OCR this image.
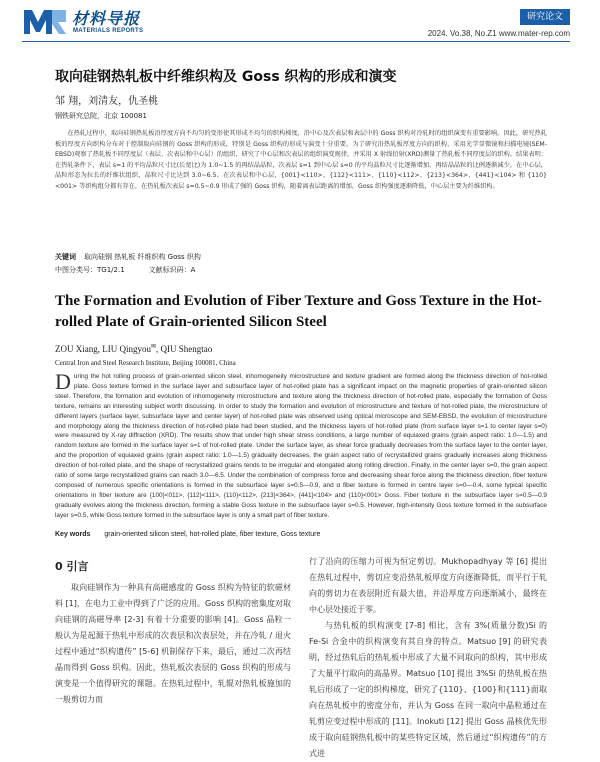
材料导报
MATERIALS REPORTS
研究论文
2024. Vo.38, No.Z1 www.mater-rep.com
取向硅钢热轧板中纤维织构及 Goss 织构的形成和演变
邹 翔，刘清友，仇圣桃
钢铁研究总院，北京 100081
在热轧过程中，取向硅钢热轧板沿厚度方向不均匀的变形使其形成不均匀的织构梯度，沿中心及次表层和表层中的 Goss 织构对冷轧时的组织演变有重要影响。因此，研究热轧板的厚度方向织构分布对于控制取向硅钢的 Goss 织构的形成，特别是 Goss 织构的形成与演变十分重要。为了研究沿热轧板厚度方向的织构，采用光学显微镜和扫描电镜(SEM-EBSD)观察了热轧板不同厚度层（表层、次表层和中心层）的组织，研究了中心层和次表层的组织演变规律，并采用 X 射线衍射(XRD)测量了热轧板不同厚度层的织构。结果表明：在热轧条件下，表层 s=1 的平均晶粒尺寸比(长宽比)为 1.0~1.5 的再结晶晶粒，次表层 s=1 到中心层 s=0 的平均晶粒尺寸比逐渐增加，再结晶晶粒的比例逐渐减少。在中心层，晶粒形态为拉长的纤维状组织，晶粒尺寸比达到 3.0~6.5。在次表层和中心层，{001}<110>、{112}<111>、{110}<112>、{213}<364>、{441}<104> 和 {110}<001> 等织构组分都有存在，在热轧板次表层 s=0.5~0.9 形成了强的 Goss 织构，随着离表层距离的增加，Goss 织构强度逐渐降低，中心层主要为纤维织构。
关键词 取向硅钢 热轧板 纤维织构 Goss 织构
中图分类号：TG1/2.1	文献标识码：A
The Formation and Evolution of Fiber Texture and Goss Texture in the Hot-rolled Plate of Grain-oriented Silicon Steel
ZOU Xiang, LIU Qingyou✉, QIU Shengtao
Central Iron and Steel Research Institute, Beijing 100081, China
During the hot rolling process of grain-oriented silicon steel, inhomogeneity microstructure and texture gradient are formed along the thickness direction of hot-rolled plate. Goss texture formed in the surface layer and subsurface layer of hot-rolled plate has a significant impact on the magnetic properties of grain-oriented silicon steel. Therefore, the formation and evolution of inhomogeneity microstructure and texture along the thickness direction of hot-rolled plate, especially the formation of Goss texture, remains an interesting subject worth discussing. In order to study the formation and evolution of microstructure and texture of hot-rolled plate, the microstructure of different layers (surface layer, subsurface layer and center layer) of hot-rolled plate was observed using optical microscope and SEM-EBSD, the evolution of microstructure and morphology along the thickness direction of hot-rolled plate had been studied, and the thickness layers of hot-rolled plate (from surface layer s=1 to center layer s=0) were measured by X-ray diffraction (XRD). The results show that under high shear stress conditions, a large number of equiaxed grains (grain aspect ratio: 1.0—1.5) and random texture are formed in the surface layer s=1 of hot-rolled plate. Under the surface layer, as shear force gradually decreases from the surface layer to the center layer, and the proportion of equiaxed grains (grain aspect ratio: 1.0—1.5) gradually decreases, the grain aspect ratio of recrystallized grains gradually increases along thickness direction of hot-rolled plate, and the shape of recrystallized grains tends to be irregular and elongated along rolling direction. Finally, in the center layer s=0, the grain aspect ratio of some large recrystallized grains can reach 3.0—6.5. Under the combination of compress force and decreasing shear force along the thickness direction, fiber texture composed of numerous specific orientations is formed in the subsurface layer s=0.5—0.9, and α fiber texture is formed in centre layer s=0—0.4, some typical specific orientations in fiber texture are {100}<011>, {112}<111>, {110}<112>, {213}<364>, {441}<104> and {110}<001> Goss. Fiber texture in the subsurface layer s=0.5—0.9 gradually evolves along the thickness direction, forming a stable Goss texture in the subsurface layer s=0.5. However, high-intensity Goss texture formed in the subsurface layer s=0.5, while Goss texture formed in the subsurface layer is only a small part of fiber texture.
Key words grain-oriented silicon steel, hot-rolled plate, fiber texture, Goss texture
0 引言
取向硅钢作为一种具有高磁感度的 Goss 织构为特征的软磁材料 [1]，在电力工业中得到了广泛的应用。Goss 织构的密集度对取向硅钢的高磁导率 [2-3] 有着十分重要的影响 [4]。Goss 晶粒一般认为是起源于热轧中形成的次表层和次表层处，并在冷轧 / 退火过程中通过“织构遗传” [5-6] 机制保存下来，最后，通过二次再结晶而得到 Goss 织构。因此，热轧板次表层的 Goss 织构的形成与演变是一个值得研究的课题。在热轧过程中，轧辊对热轧板施加的一般剪切力而

行了沿向的压缩力可视为恒定剪切。Mukhopadhyay 等 [6] 提出在热轧过程中，剪切应变沿热轧板厚度方向逐渐降低，而平行于轧向的剪切力在表层附近有最大值，并沿厚度方向逐渐减小，最终在中心层处接近于零。

与热轧板的织构演变 [7-8] 相比，含有 3%(质量分数)Si 的 Fe-Si 合金中的织构演变有其自身的特点。Matsuo [9] 的研究表明，经过热轧后的热轧板中形成了大量不同取向的织构，其中形成了大量平行取向的高晶界。Matsuo [10] 提出 3%Si 的热轧板在热轧后形成了一定的织构梯度，研究了{110}、{100}和{111}面取向在热轧板中的密度分布，并认为 Goss 在同一取向中晶粒通过在轧剪应变过程中形成的 [11]。Inokuti [12] 提出 Goss 晶核优先形成于取向硅钢热轧板中的某些特定区域，然后通过“织构遗传”的方式进
